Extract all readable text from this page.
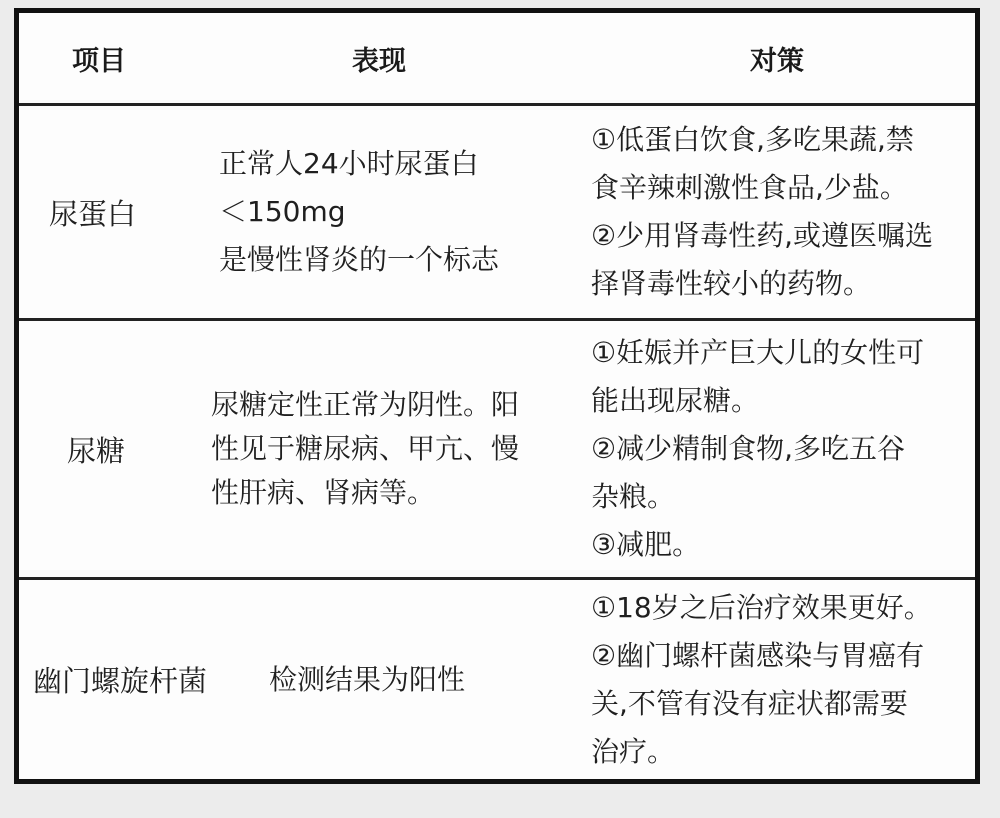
项目	表现	对策
尿蛋白
正常人24小时尿蛋白
＜150mg
是慢性肾炎的一个标志
①低蛋白饮食,多吃果蔬,禁
食辛辣刺激性食品,少盐。
②少用肾毒性药,或遵医嘱选
择肾毒性较小的药物。
尿糖
尿糖定性正常为阴性。阳
性见于糖尿病、甲亢、慢
性肝病、肾病等。
①妊娠并产巨大儿的女性可
能出现尿糖。
②减少精制食物,多吃五谷
杂粮。
③减肥。
幽门螺旋杆菌 检测结果为阳性
①18岁之后治疗效果更好。
②幽门螺杆菌感染与胃癌有
关,不管有没有症状都需要
治疗。
